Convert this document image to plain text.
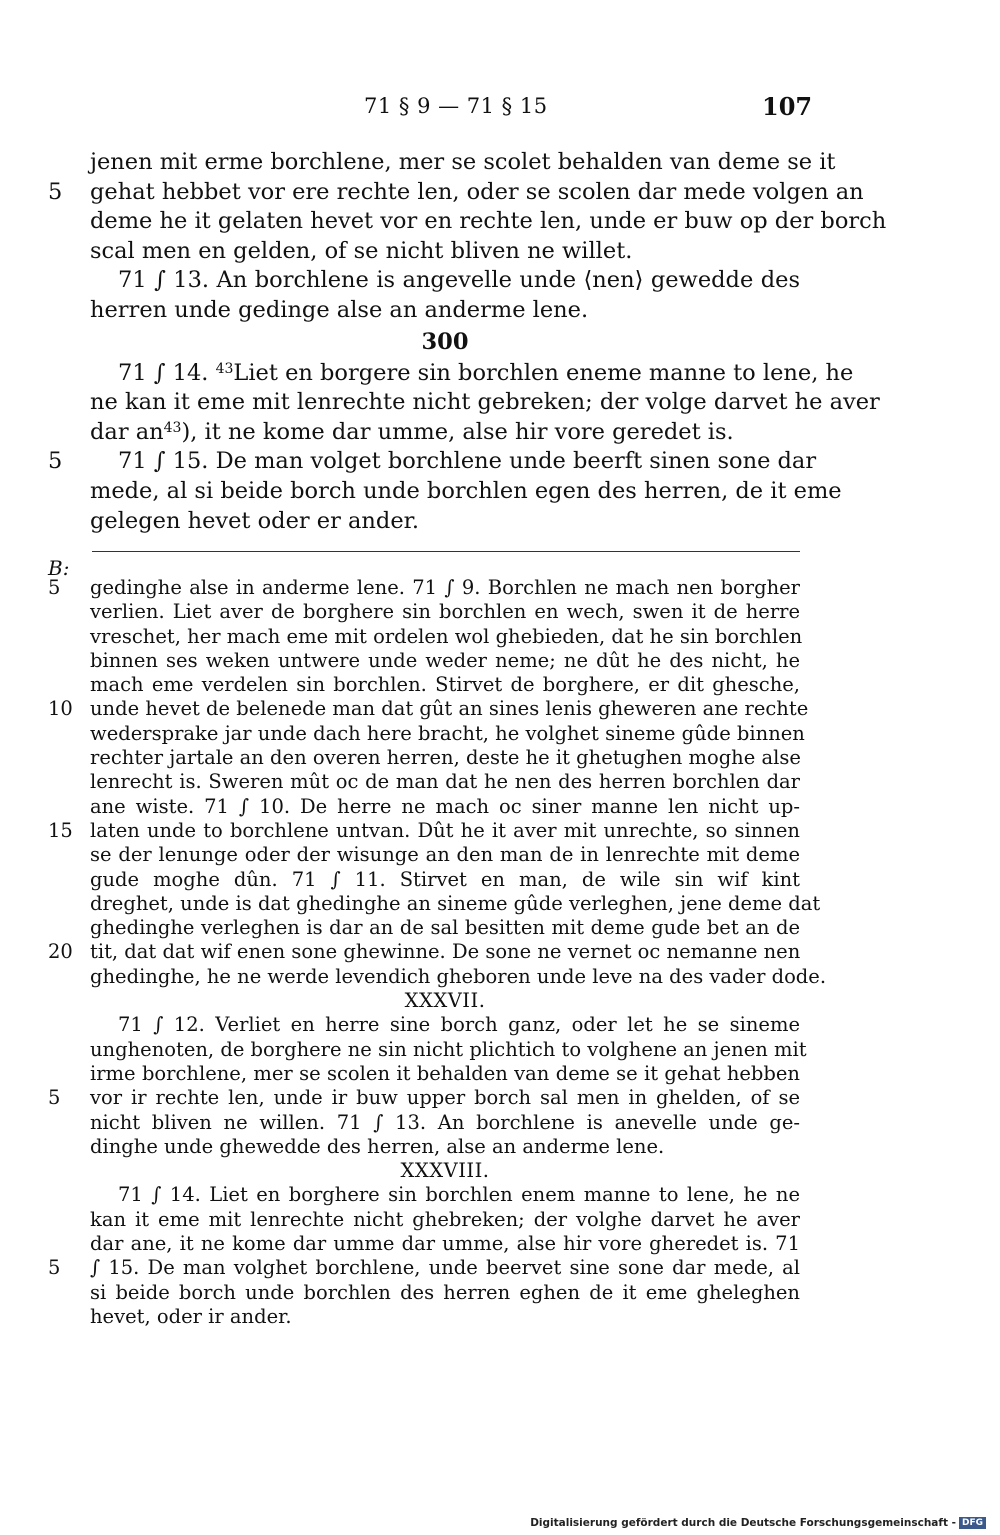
71 § 9 — 71 § 15	107
jenen mit erme borchlene, mer se scolet behalden van deme se it
5 gehat hebbet vor ere rechte len, oder se scolen dar mede volgen an
deme he it gelaten hevet vor en rechte len, unde er buw op der borch
scal men en gelden, of se nicht bliven ne willet.
71 ∫ 13. An borchlene is angevelle unde ⟨nen⟩ gewedde des
herren unde gedinge alse an anderme lene.
300
71 ∫ 14. $^{43}$Liet en borgere sin borchlen eneme manne to lene, he
ne kan it eme mit lenrechte nicht gebreken; der volge darvet he aver
dar $an^{43}$), it ne kome dar umme, alse hir vore geredet is.
5 71 ∫ 15. De man volget borchlene unde beerft sinen sone dar
mede, al si beide borch unde borchlen egen des herren, de it eme
gelegen hevet oder er ander.
B:
5 gedinghe alse in anderme lene. 71 ∫ 9. Borchlen ne mach nen borgher
verlien. Liet aver de borghere sin borchlen en wech, swen it de herre
vreschet, her mach eme mit ordelen wol ghebieden, dat he sin borchlen
binnen ses weken untwere unde weder neme; ne dût he des nicht, he
mach eme verdelen sin borchlen. Stirvet de borghere, er dit ghesche,
10 unde hevet de belenede man dat gût an sines lenis gheweren ane rechte
wedersprake jar unde dach here bracht, he volghet sineme gûde binnen
rechter jartale an den overen herren, deste he it ghetughen moghe alse
lenrecht is. Sweren mût oc de man dat he nen des herren borchlen dar
ane wiste. 71 ∫ 10. De herre ne mach oc siner manne len nicht up-
15 laten unde to borchlene untvan. Dût he it aver mit unrechte, so sinnen
se der lenunge oder der wisunge an den man de in lenrechte mit deme
gude moghe dûn. 71 ∫ 11. Stirvet en man, de wile sin wif kint
dreghet, unde is dat ghedinghe an sineme gûde verleghen, jene deme dat
ghedinghe verleghen is dar an de sal besitten mit deme gude bet an de
20 tit, dat dat wif enen sone ghewinne. De sone ne vernet oc nemanne nen
ghedinghe, he ne werde levendich gheboren unde leve na des vader dode.
XXXVII.
71 ∫ 12. Verliet en herre sine borch ganz, oder let he se sineme
unghenoten, de borghere ne sin nicht plichtich to volghene an jenen mit
irme borchlene, mer se scolen it behalden van deme se it gehat hebben
5 vor ir rechte len, unde ir buw upper borch sal men in ghelden, of se
nicht bliven ne willen. 71 ∫ 13. An borchlene is anevelle unde ge-
dinghe unde ghewedde des herren, alse an anderme lene.
XXXVIII.
71 ∫ 14. Liet en borghere sin borchlen enem manne to lene, he ne
kan it eme mit lenrechte nicht ghebreken; der volghe darvet he aver
dar ane, it ne kome dar umme dar umme, alse hir vore gheredet is. 71
5 ∫ 15. De man volghet borchlene, unde beervet sine sone dar mede, al
si beide borch unde borchlen des herren eghen de it eme gheleghen
hevet, oder ir ander.
Digitalisierung gefördert durch die Deutsche Forschungsgemeinschaft - DFG
